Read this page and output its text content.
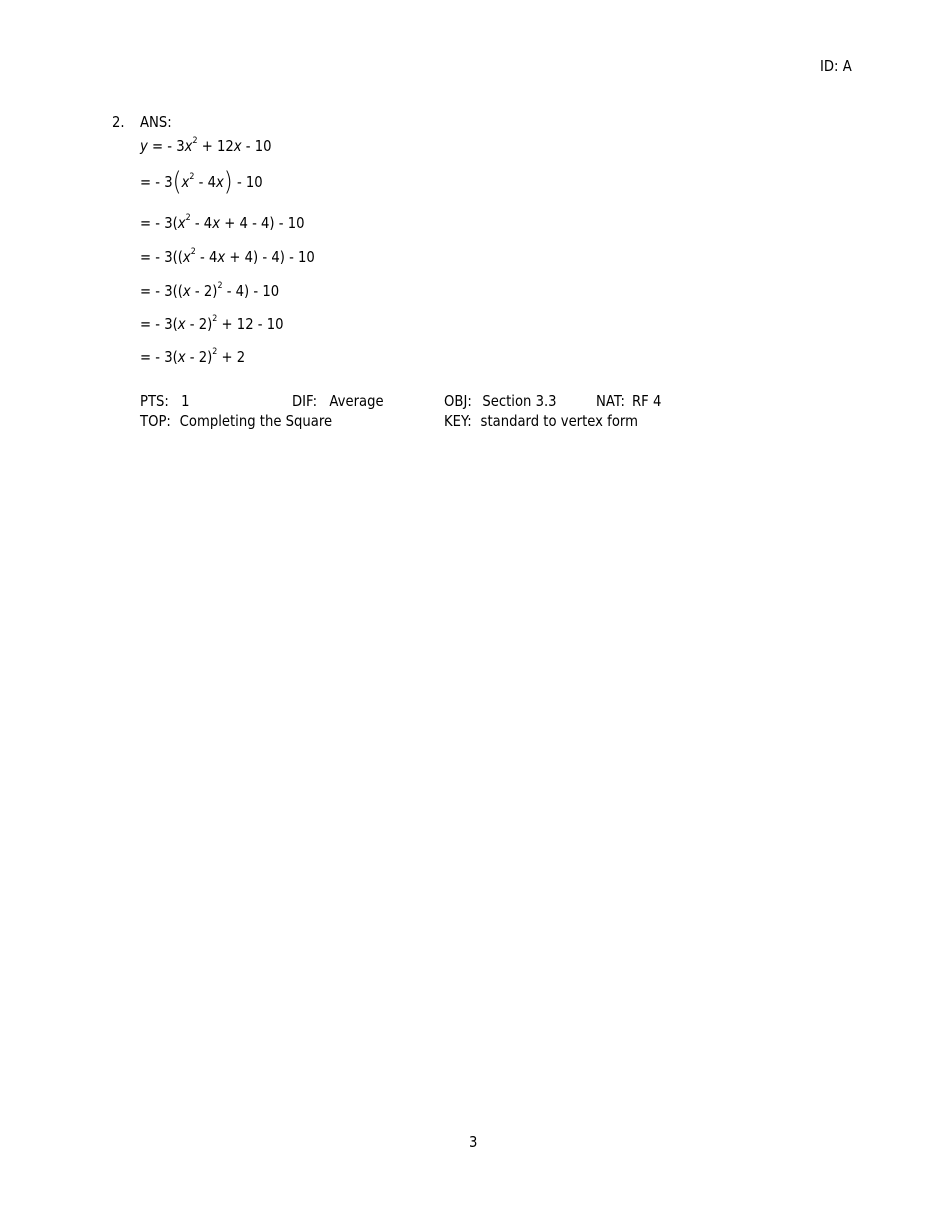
ID: A
2. ANS:
y = - $3x^2 + 12x - 10$
= - $3(x^2 - 4x) - 10$
= - $3(x^2 - 4x + 4 - 4) - 10$
= - $3((x^2 - 4x + 4) - 4) - 10$
= - 3((x - 2)$^2$ - 4) - 10
= - 3(x - 2)$^2$ + 12 - 10
= - 3(x - 2)$^2$ + 2
PTS: 1	DIF: Average	OBJ: Section 3.3	NAT: RF 4
TOP: Completing the Square	KEY: standard to vertex form
3
